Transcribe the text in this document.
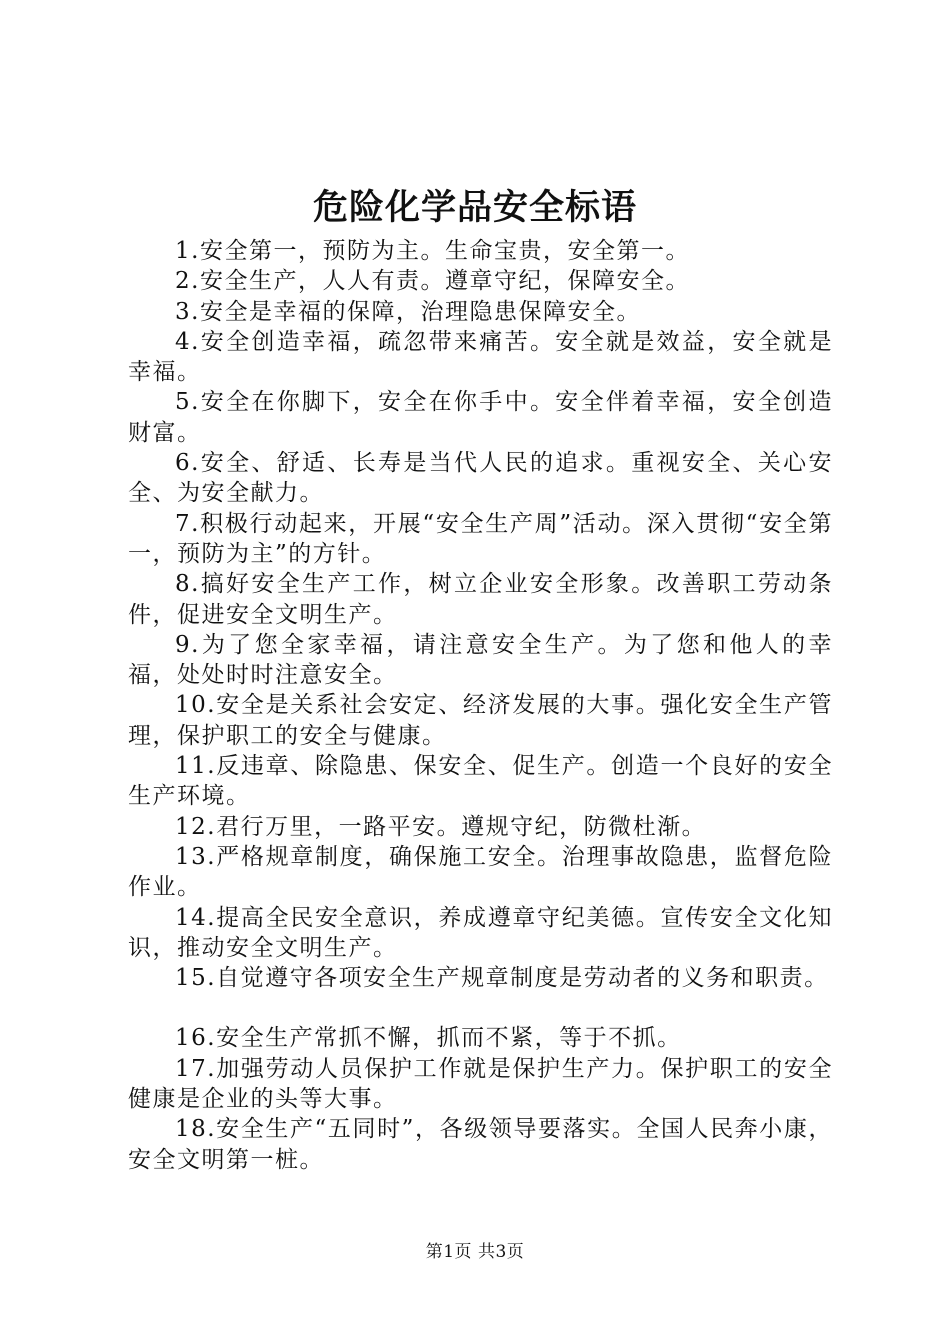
危险化学品安全标语

1.安全第一，预防为主。生命宝贵，安全第一。

2.安全生产，人人有责。遵章守纪，保障安全。

3.安全是幸福的保障，治理隐患保障安全。

4.安全创造幸福，疏忽带来痛苦。安全就是效益，安全就是幸福。

5.安全在你脚下，安全在你手中。安全伴着幸福，安全创造财富。

6.安全、舒适、长寿是当代人民的追求。重视安全、关心安全、为安全献力。

7.积极行动起来，开展“安全生产周”活动。深入贯彻“安全第一，预防为主”的方针。

8.搞好安全生产工作，树立企业安全形象。改善职工劳动条件，促进安全文明生产。

9.为了您全家幸福，请注意安全生产。为了您和他人的幸福，处处时时注意安全。

10.安全是关系社会安定、经济发展的大事。强化安全生产管理，保护职工的安全与健康。

11.反违章、除隐患、保安全、促生产。创造一个良好的安全生产环境。

12.君行万里，一路平安。遵规守纪，防微杜渐。

13.严格规章制度，确保施工安全。治理事故隐患，监督危险作业。

14.提高全民安全意识，养成遵章守纪美德。宣传安全文化知识，推动安全文明生产。

15.自觉遵守各项安全生产规章制度是劳动者的义务和职责。

16.安全生产常抓不懈，抓而不紧，等于不抓。

17.加强劳动人员保护工作就是保护生产力。保护职工的安全健康是企业的头等大事。

18.安全生产“五同时”，各级领导要落实。全国人民奔小康，安全文明第一桩。

第1页 共3页
